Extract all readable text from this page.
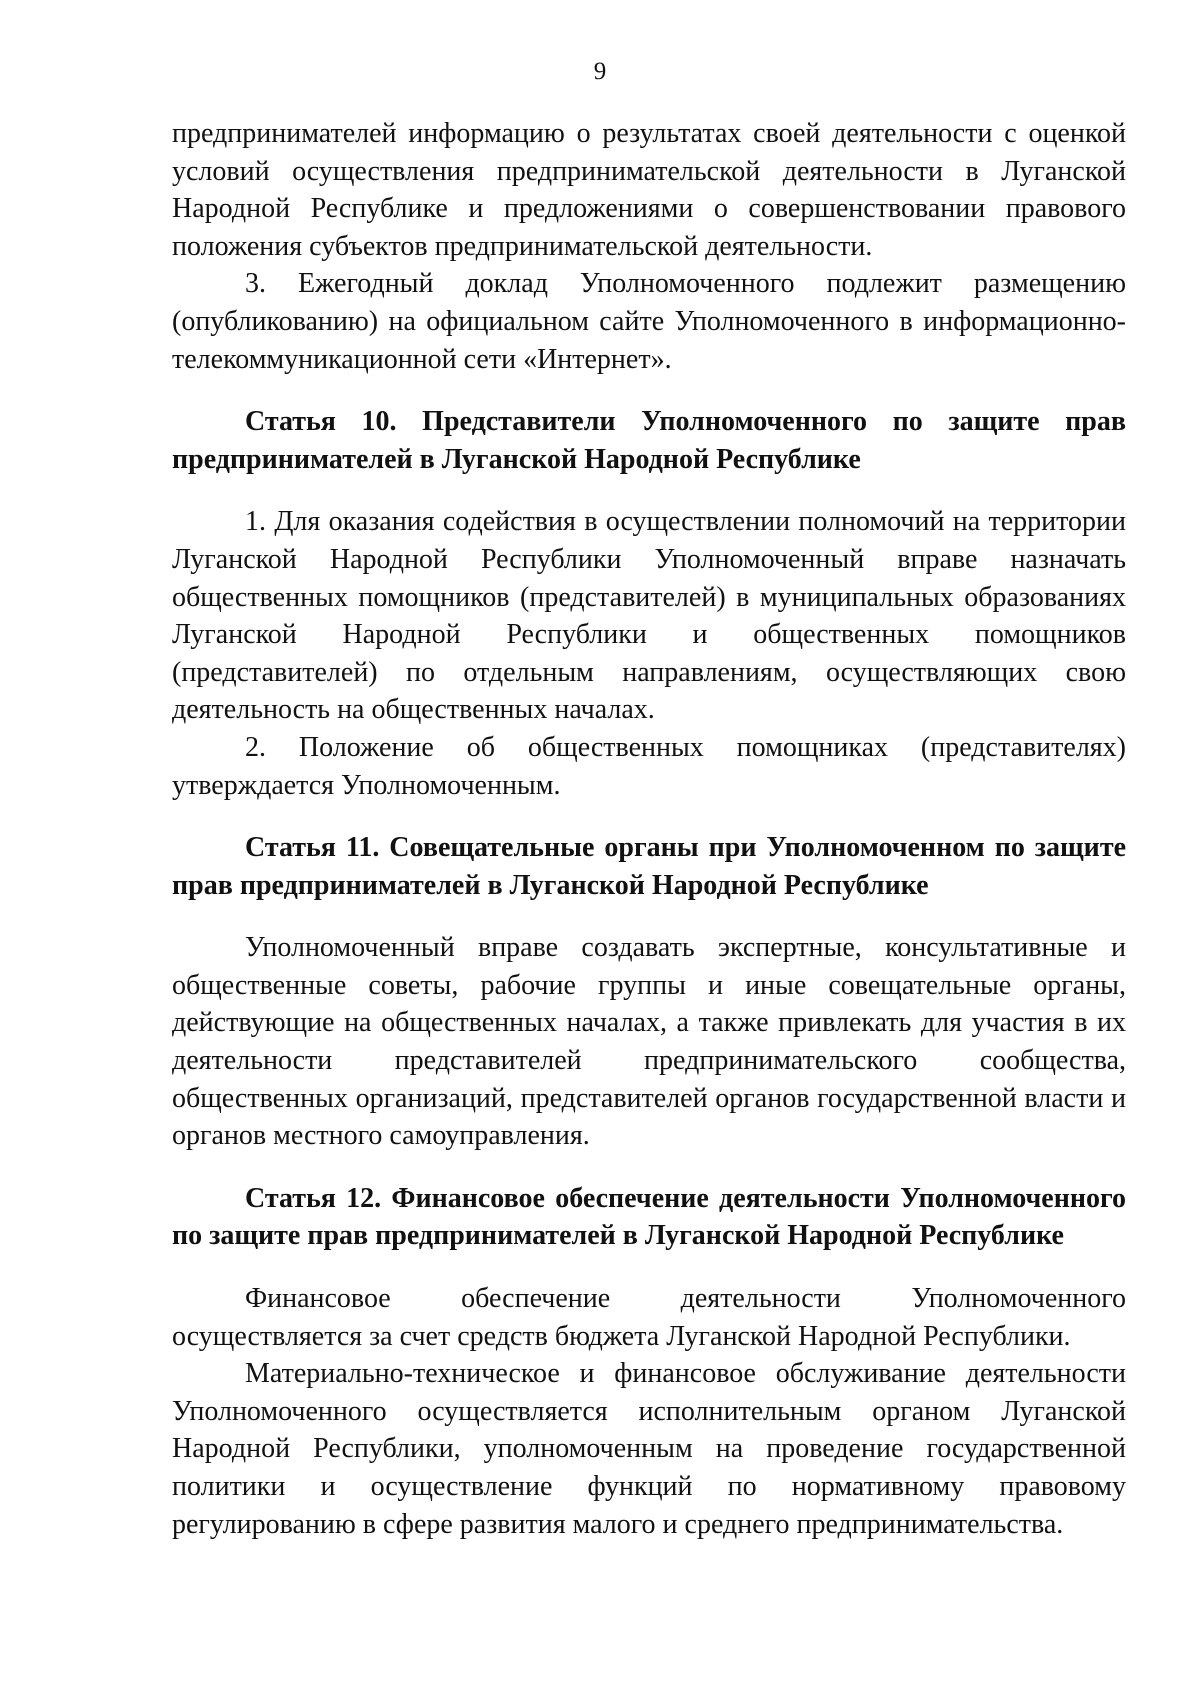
9

предпринимателей информацию о результатах своей деятельности с оценкой условий осуществления предпринимательской деятельности в Луганской Народной Республике и предложениями о совершенствовании правового положения субъектов предпринимательской деятельности.

3. Ежегодный доклад Уполномоченного подлежит размещению (опубликованию) на официальном сайте Уполномоченного в информационно-телекоммуникационной сети «Интернет».

Статья 10. Представители Уполномоченного по защите прав предпринимателей в Луганской Народной Республике

1. Для оказания содействия в осуществлении полномочий на территории Луганской Народной Республики Уполномоченный вправе назначать общественных помощников (представителей) в муниципальных образованиях Луганской Народной Республики и общественных помощников (представителей) по отдельным направлениям, осуществляющих свою деятельность на общественных началах.

2. Положение об общественных помощниках (представителях) утверждается Уполномоченным.

Статья 11. Совещательные органы при Уполномоченном по защите прав предпринимателей в Луганской Народной Республике

Уполномоченный вправе создавать экспертные, консультативные и общественные советы, рабочие группы и иные совещательные органы, действующие на общественных началах, а также привлекать для участия в их деятельности представителей предпринимательского сообщества, общественных организаций, представителей органов государственной власти и органов местного самоуправления.

Статья 12. Финансовое обеспечение деятельности Уполномоченного по защите прав предпринимателей в Луганской Народной Республике

Финансовое обеспечение деятельности Уполномоченного осуществляется за счет средств бюджета Луганской Народной Республики.

Материально-техническое и финансовое обслуживание деятельности Уполномоченного осуществляется исполнительным органом Луганской Народной Республики, уполномоченным на проведение государственной политики и осуществление функций по нормативному правовому регулированию в сфере развития малого и среднего предпринимательства.
